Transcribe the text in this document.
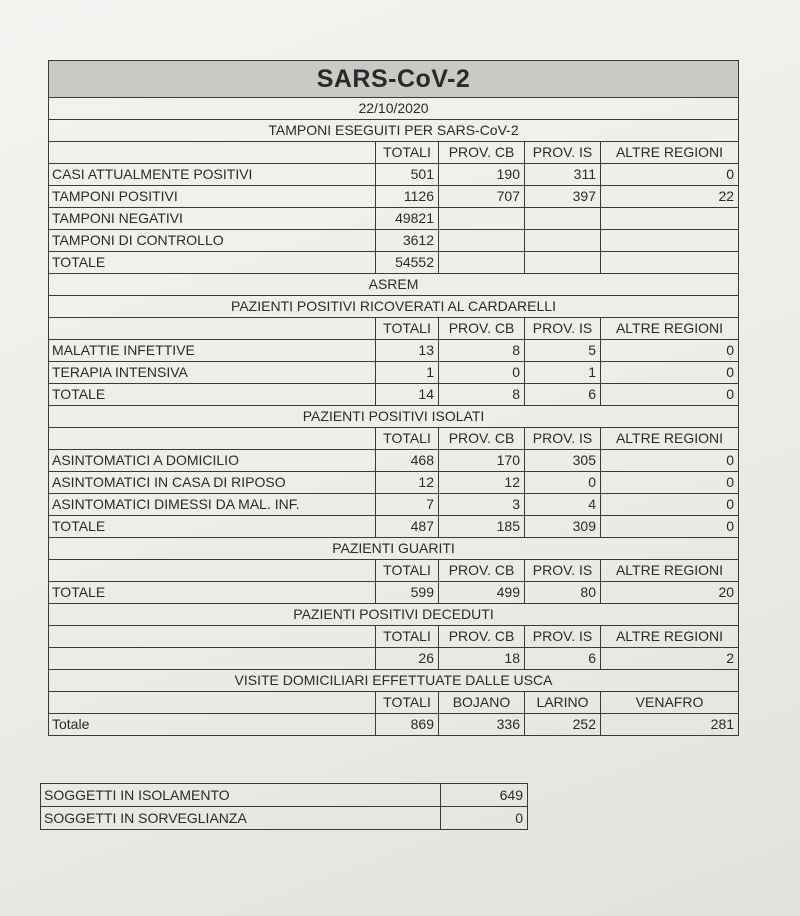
SARS-CoV-2				
22/10/2020				
TAMPONI ESEGUITI PER SARS-CoV-2				
	TOTALI	PROV. CB	PROV. IS	ALTRE REGIONI
CASI ATTUALMENTE POSITIVI	501	190	311	0
TAMPONI POSITIVI	1126	707	397	22
TAMPONI NEGATIVI	49821			
TAMPONI DI CONTROLLO	3612			
TOTALE	54552			
ASREM				
PAZIENTI POSITIVI RICOVERATI AL CARDARELLI				
	TOTALI	PROV. CB	PROV. IS	ALTRE REGIONI
MALATTIE INFETTIVE	13	8	5	0
TERAPIA INTENSIVA	1	0	1	0
TOTALE	14	8	6	0
PAZIENTI POSITIVI ISOLATI				
	TOTALI	PROV. CB	PROV. IS	ALTRE REGIONI
ASINTOMATICI A DOMICILIO	468	170	305	0
ASINTOMATICI IN CASA DI RIPOSO	12	12	0	0
ASINTOMATICI DIMESSI DA MAL. INF.	7	3	4	0
TOTALE	487	185	309	0
PAZIENTI GUARITI				
	TOTALI	PROV. CB	PROV. IS	ALTRE REGIONI
TOTALE	599	499	80	20
PAZIENTI POSITIVI DECEDUTI				
	TOTALI	PROV. CB	PROV. IS	ALTRE REGIONI
	26	18	6	2
VISITE DOMICILIARI EFFETTUATE DALLE USCA				
	TOTALI	BOJANO	LARINO	VENAFRO
Totale	869	336	252	281
SOGGETTI IN ISOLAMENTO	649
SOGGETTI IN SORVEGLIANZA	0
